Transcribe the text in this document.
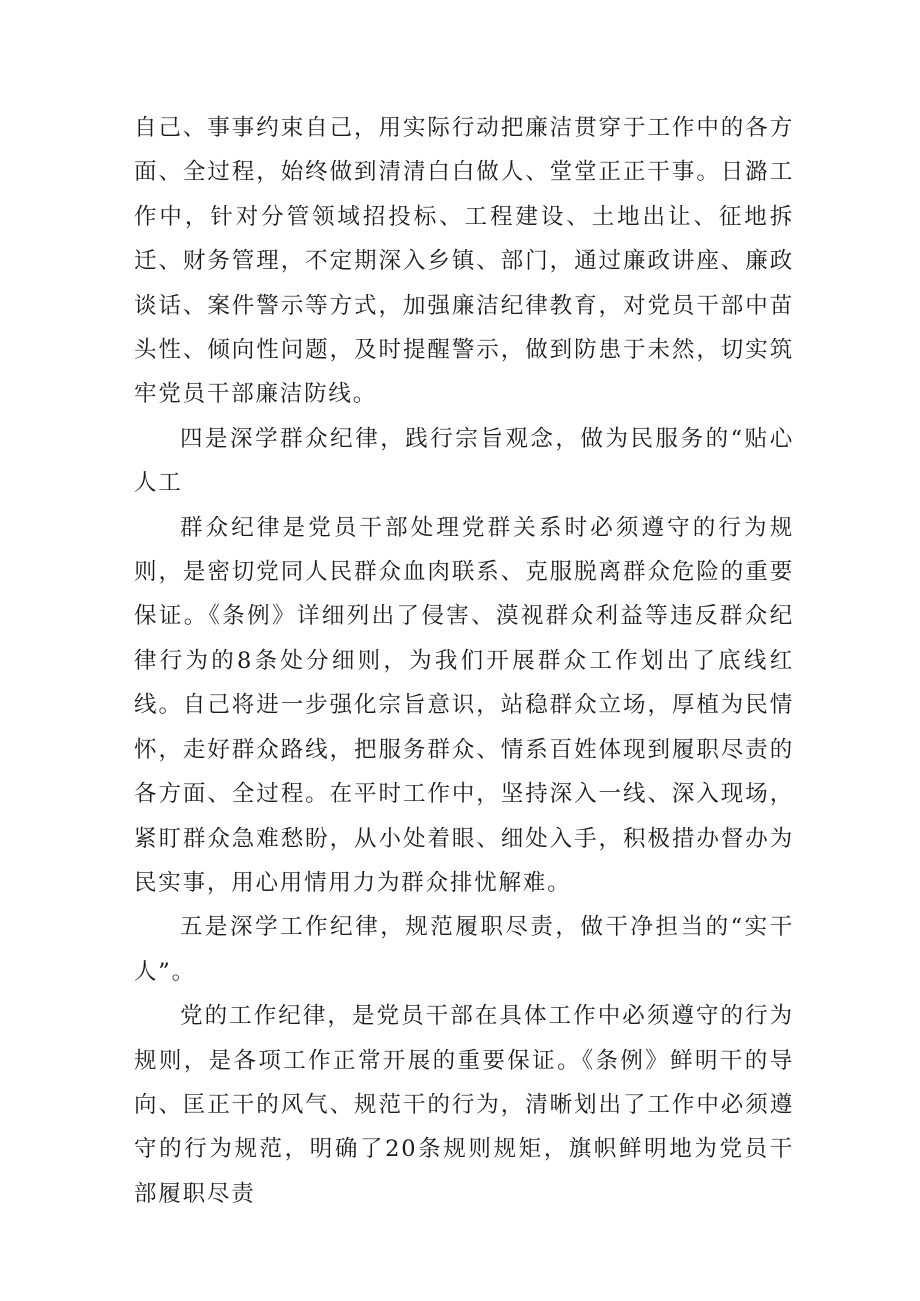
自己、事事约束自己，用实际行动把廉洁贯穿于工作中的各方面、全过程，始终做到清清白白做人、堂堂正正干事。日潞工作中，针对分管领域招投标、工程建设、土地出让、征地拆迁、财务管理，不定期深入乡镇、部门，通过廉政讲座、廉政谈话、案件警示等方式，加强廉洁纪律教育，对党员干部中苗头性、倾向性问题，及时提醒警示，做到防患于未然，切实筑牢党员干部廉洁防线。

四是深学群众纪律，践行宗旨观念，做为民服务的“贴心人工

群众纪律是党员干部处理党群关系时必须遵守的行为规则，是密切党同人民群众血肉联系、克服脱离群众危险的重要保证。《条例》详细列出了侵害、漠视群众利益等违反群众纪律行为的8条处分细则，为我们开展群众工作划出了底线红线。自己将进一步强化宗旨意识，站稳群众立场，厚植为民情怀，走好群众路线，把服务群众、情系百姓体现到履职尽责的各方面、全过程。在平时工作中，坚持深入一线、深入现场，紧盯群众急难愁盼，从小处着眼、细处入手，积极措办督办为民实事，用心用情用力为群众排忧解难。

五是深学工作纪律，规范履职尽责，做干净担当的“实干人”。

党的工作纪律，是党员干部在具体工作中必须遵守的行为规则，是各项工作正常开展的重要保证。《条例》鲜明干的导向、匡正干的风气、规范干的行为，清晰划出了工作中必须遵守的行为规范，明确了20条规则规矩，旗帜鲜明地为党员干部履职尽责
